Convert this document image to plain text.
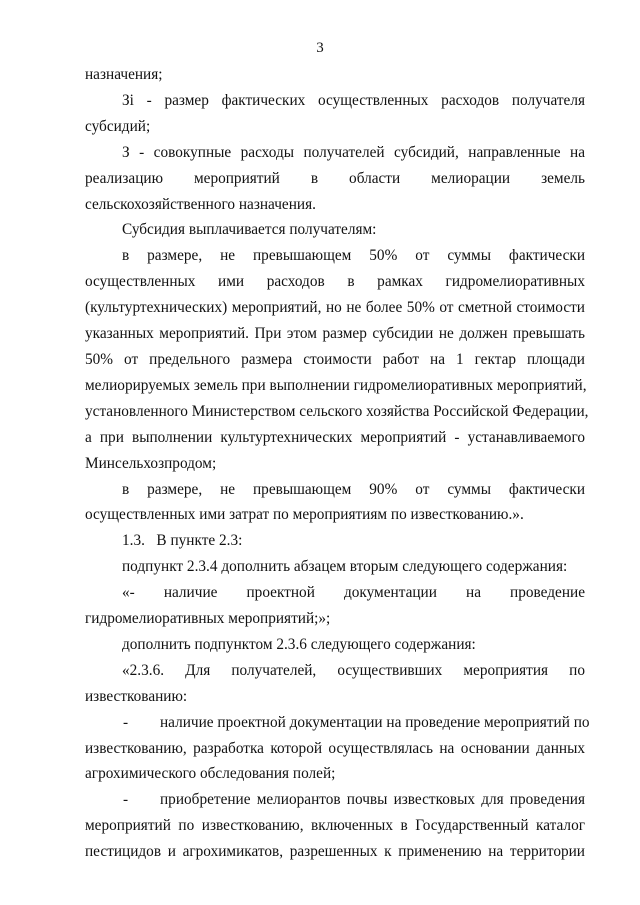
3
назначения;
Зі - размер фактических осуществленных расходов получателя
субсидий;
З - совокупные расходы получателей субсидий, направленные на
реализацию мероприятий в области мелиорации земель
сельскохозяйственного назначения.
Субсидия выплачивается получателям:
в размере, не превышающем 50% от суммы фактически
осуществленных ими расходов в рамках гидромелиоративных
(культуртехнических) мероприятий, но не более 50% от сметной стоимости
указанных мероприятий. При этом размер субсидии не должен превышать
50% от предельного размера стоимости работ на 1 гектар площади
мелиорируемых земель при выполнении гидромелиоративных мероприятий,
установленного Министерством сельского хозяйства Российской Федерации,
а при выполнении культуртехнических мероприятий - устанавливаемого
Минсельхозпродом;
в размере, не превышающем 90% от суммы фактически
осуществленных ими затрат по мероприятиям по известкованию.».
1.3.   В пункте 2.3:
подпункт 2.3.4 дополнить абзацем вторым следующего содержания:
«- наличие проектной документации на проведение
гидромелиоративных мероприятий;»;
дополнить подпунктом 2.3.6 следующего содержания:
«2.3.6. Для получателей, осуществивших мероприятия по
известкованию:
-	наличие проектной документации на проведение мероприятий по
известкованию, разработка которой осуществлялась на основании данных
агрохимического обследования полей;
-	приобретение мелиорантов почвы известковых для проведения
мероприятий по известкованию, включенных в Государственный каталог
пестицидов и агрохимикатов, разрешенных к применению на территории
